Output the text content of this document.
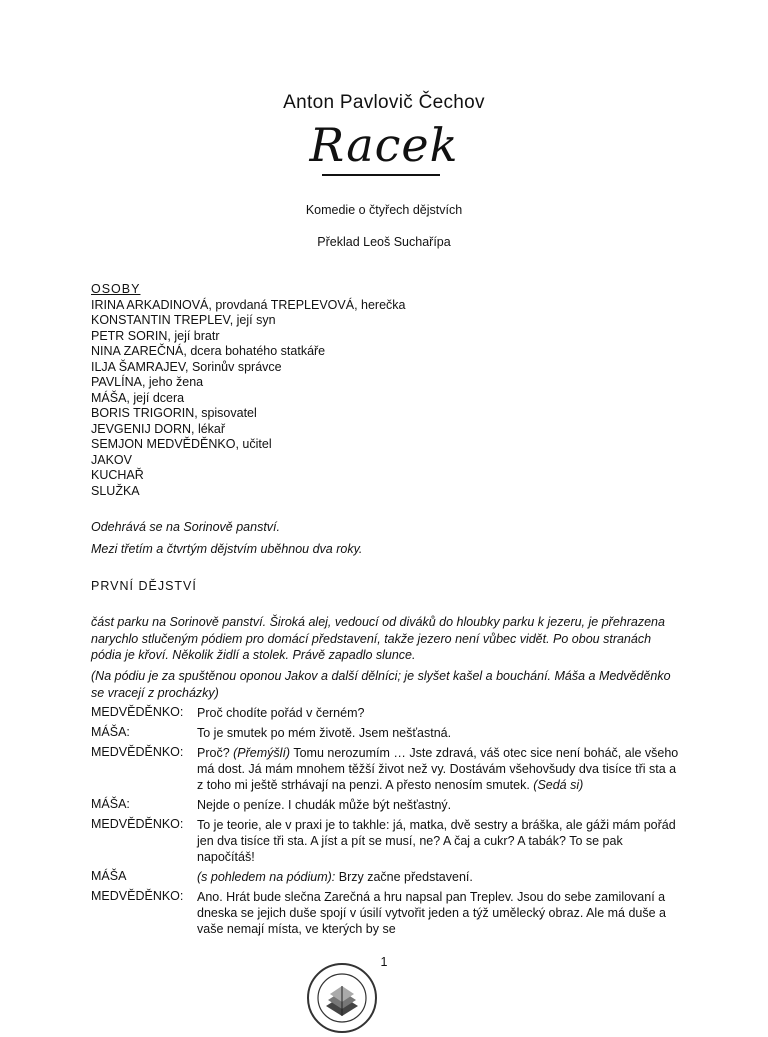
Anton Pavlovič Čechov
Racek
Komedie o čtyřech dějstvích
Překlad Leoš Suchařípa
OSOBY
IRINA ARKADINOVÁ, provdaná TREPLEVOVÁ, herečka
KONSTANTIN TREPLEV, její syn
PETR SORIN, její bratr
NINA ZAREČNÁ, dcera bohatého statkáře
ILJA ŠAMRAJEV, Sorinův správce
PAVLÍNA, jeho žena
MÁŠA, její dcera
BORIS TRIGORIN, spisovatel
JEVGENIJ DORN, lékař
SEMJON MEDVĚDĚNKO, učitel
JAKOV
KUCHAŘ
SLUŽKA
Odehrává se na Sorinově panství.
Mezi třetím a čtvrtým dějstvím uběhnou dva roky.
PRVNÍ DĚJSTVÍ
část parku na Sorinově panství. Široká alej, vedoucí od diváků do hloubky parku k jezeru, je přehrazena narychlo stlučeným pódiem pro domácí představení, takže jezero není vůbec vidět. Po obou stranách pódia je křoví. Několik židlí a stolek. Právě zapadlo slunce.
(Na pódiu je za spuštěnou oponou Jakov a další dělníci; je slyšet kašel a bouchání. Máša a Medvěděnko se vracejí z procházky)
MEDVĚDĚNKO:	Proč chodíte pořád v černém?
MÁŠA:	To je smutek po mém životě. Jsem nešťastná.
MEDVĚDĚNKO:	Proč? (Přemýšlí) Tomu nerozumím … Jste zdravá, váš otec sice není boháč, ale všeho má dost. Já mám mnohem těžší život než vy. Dostávám všehovšudy dva tisíce tři sta a z toho mi ještě strhávají na penzi. A přesto nenosím smutek. (Sedá si)
MÁŠA:	Nejde o peníze. I chudák může být nešťastný.
MEDVĚDĚNKO:	To je teorie, ale v praxi je to takhle: já, matka, dvě sestry a bráška, ale gáži mám pořád jen dva tisíce tři sta. A jíst a pít se musí, ne? A čaj a cukr? A tabák? To se pak napočítáš!
MÁŠA	(s pohledem na pódium): Brzy začne představení.
MEDVĚDĚNKO:	Ano. Hrát bude slečna Zarečná a hru napsal pan Treplev. Jsou do sebe zamilovaní a dneska se jejich duše spojí v úsilí vytvořit jeden a týž umělecký obraz. Ale má duše a vaše nemají místa, ve kterých by se
1
